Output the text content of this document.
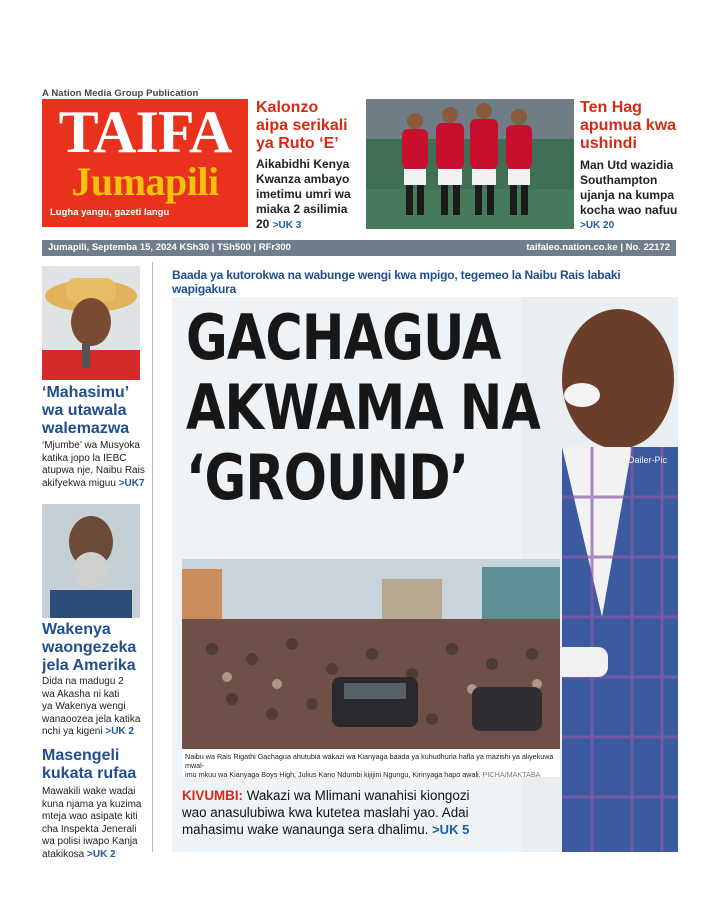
A Nation Media Group Publication
TAIFA
Jumapili
Lugha yangu, gazeti langu
Kalonzo
aipa serikali
ya Ruto ‘E’
Aikabidhi Kenya
Kwanza ambayo
imetimu umri wa
miaka 2 asilimia
20 >UK 3
Ten Hag
apumua kwa
ushindi
Man Utd wazidia
Southampton
ujanja na kumpa
kocha wao nafuu
>UK 20
Jumapili, Septemba 15, 2024 KSh30 | TSh500 | RFr300	taifaleo.nation.co.ke | No. 22172
Baada ya kutorokwa na wabunge wengi kwa mpigo, tegemeo la Naibu Rais labaki wapigakura
‘Mahasimu’
wa utawala
walemazwa
‘Mjumbe’ wa Musyoka
katika jopo la IEBC
atupwa nje, Naibu Rais
akifyekwa miguu >UK7
Wakenya
waongezeka
jela Amerika
Dida na madugu 2
wa Akasha ni kati
ya Wakenya wengi
wanaoozea jela katika
nchi ya kigeni >UK 2
Masengeli
kukata rufaa
Mawakili wake wadai
kuna njama ya kuzima
mteja wao asipate kiti
cha Inspekta Jenerali
wa polisi iwapo Kanja
atakikosa >UK 2
Dailer-Pic
GACHAGUA
AKWAMA NA
‘GROUND’
Naibu wa Rais Rigathi Gachagua ahutubia wakazi wa Kianyaga baada ya kuhudhuria hafla ya mazishi ya aliyekuwa mwal-
imu mkuu wa Kianyaga Boys High, Julius Kano Ndumbi kijijini Ngungu, Kirinyaga hapo awali. PICHA/MAKTABA
KIVUMBI: Wakazi wa Mlimani wanahisi kiongozi
wao anasulubiwa kwa kutetea maslahi yao. Adai
mahasimu wake wanaunga sera dhalimu. >UK 5
